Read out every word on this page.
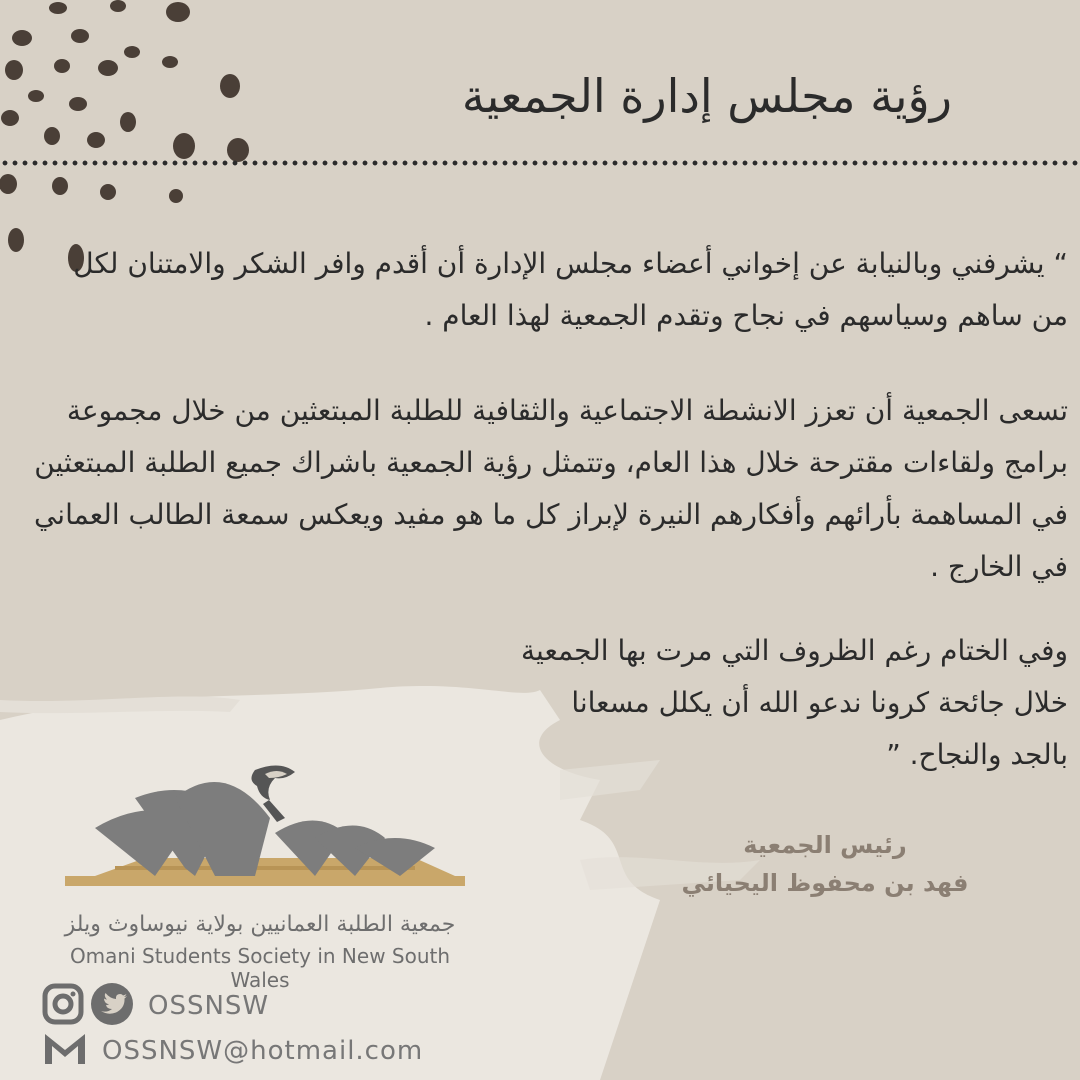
رؤية مجلس إدارة الجمعية

“ يشرفني وبالنيابة عن إخواني أعضاء مجلس الإدارة أن أقدم وافر الشكر والامتنان لكل من ساهم وسياسهم في نجاح وتقدم الجمعية لهذا العام .

تسعى الجمعية أن تعزز الانشطة الاجتماعية والثقافية للطلبة المبتعثين من خلال مجموعة برامج ولقاءات مقترحة خلال هذا العام، وتتمثل رؤية الجمعية باشراك جميع الطلبة المبتعثين في المساهمة بأرائهم وأفكارهم النيرة لإبراز كل ما هو مفيد ويعكس سمعة الطالب العماني في الخارج .

وفي الختام رغم الظروف التي مرت بها الجمعية خلال جائحة كرونا ندعو الله أن يكلل مسعانا بالجد والنجاح. ”

رئيس الجمعية
فهد بن محفوظ اليحيائي

جمعية الطلبة العمانيين بولاية نيوساوث ويلز

Omani Students Society in New South Wales

OSSNSW
OSSNSW@hotmail.com
